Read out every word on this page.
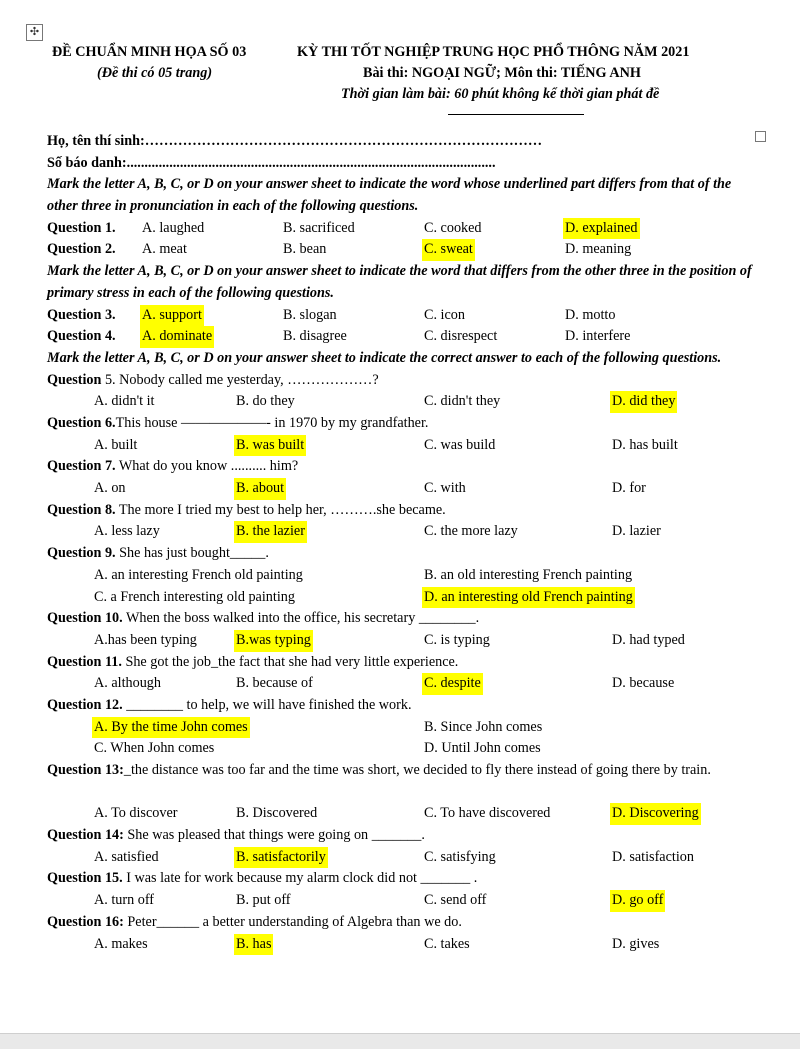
✣
ĐỀ CHUẨN MINH HỌA SỐ 03	KỲ THI TỐT NGHIỆP TRUNG HỌC PHỔ THÔNG NĂM 2021
(Đề thi có 05 trang)	Bài thi: NGOẠI NGỮ; Môn thi: TIẾNG ANH
Thời gian làm bài: 60 phút không kể thời gian phát đề
Họ, tên thí sinh:…………………………………………………………………………
Số báo danh:........................................................................................................
Mark the letter A, B, C, or D on your answer sheet to indicate the word whose underlined part differs from that of the other three in pronunciation in each of the following questions.
Question 1. A. laughed	B. sacrificed	C. cooked	D. explained
Question 2. A. meat	B. bean	C. sweat	D. meaning
Mark the letter A, B, C, or D on your answer sheet to indicate the word that differs from the other three in the position of primary stress in each of the following questions.
Question 3. A. support	B. slogan	C. icon	D. motto
Question 4. A. dominate	B. disagree	C. disrespect	D. interfere
Mark the letter A, B, C, or D on your answer sheet to indicate the correct answer to each of the following questions.
Question 5. Nobody called me yesterday, ………………?
A. didn't it	B. do they	C. didn't they	D. did they
Question 6.This house ——————- in 1970 by my grandfather.
A. built	B. was built	C. was build	D. has built
Question 7. What do you know .......... him?
A. on	B. about	C. with	D. for
Question 8. The more I tried my best to help her, ……….she became.
A. less lazy	B. the lazier	C. the more lazy	D. lazier
Question 9. She has just bought_____.
A. an interesting French old painting	B. an old interesting French painting
C. a French interesting old painting	D. an interesting old French painting
Question 10. When the boss walked into the office, his secretary ________.
A.has been typing	B.was typing	C. is typing	D. had typed
Question 11. She got the job_the fact that she had very little experience.
A. although	B. because of	C. despite	D. because
Question 12. ________ to help, we will have finished the work.
A. By the time John comes	B. Since John comes
C. When John comes	D. Until John comes
Question 13:_the distance was too far and the time was short, we decided to fly there instead of going there by train.
A. To discover	B. Discovered	C. To have discovered	D. Discovering
Question 14: She was pleased that things were going on _______.
A. satisfied	B. satisfactorily	C. satisfying	D. satisfaction
Question 15. I was late for work because my alarm clock did not _______ .
A. turn off	B. put off	C. send off	D. go off
Question 16: Peter______ a better understanding of Algebra than we do.
A. makes	B. has	C. takes	D. gives
